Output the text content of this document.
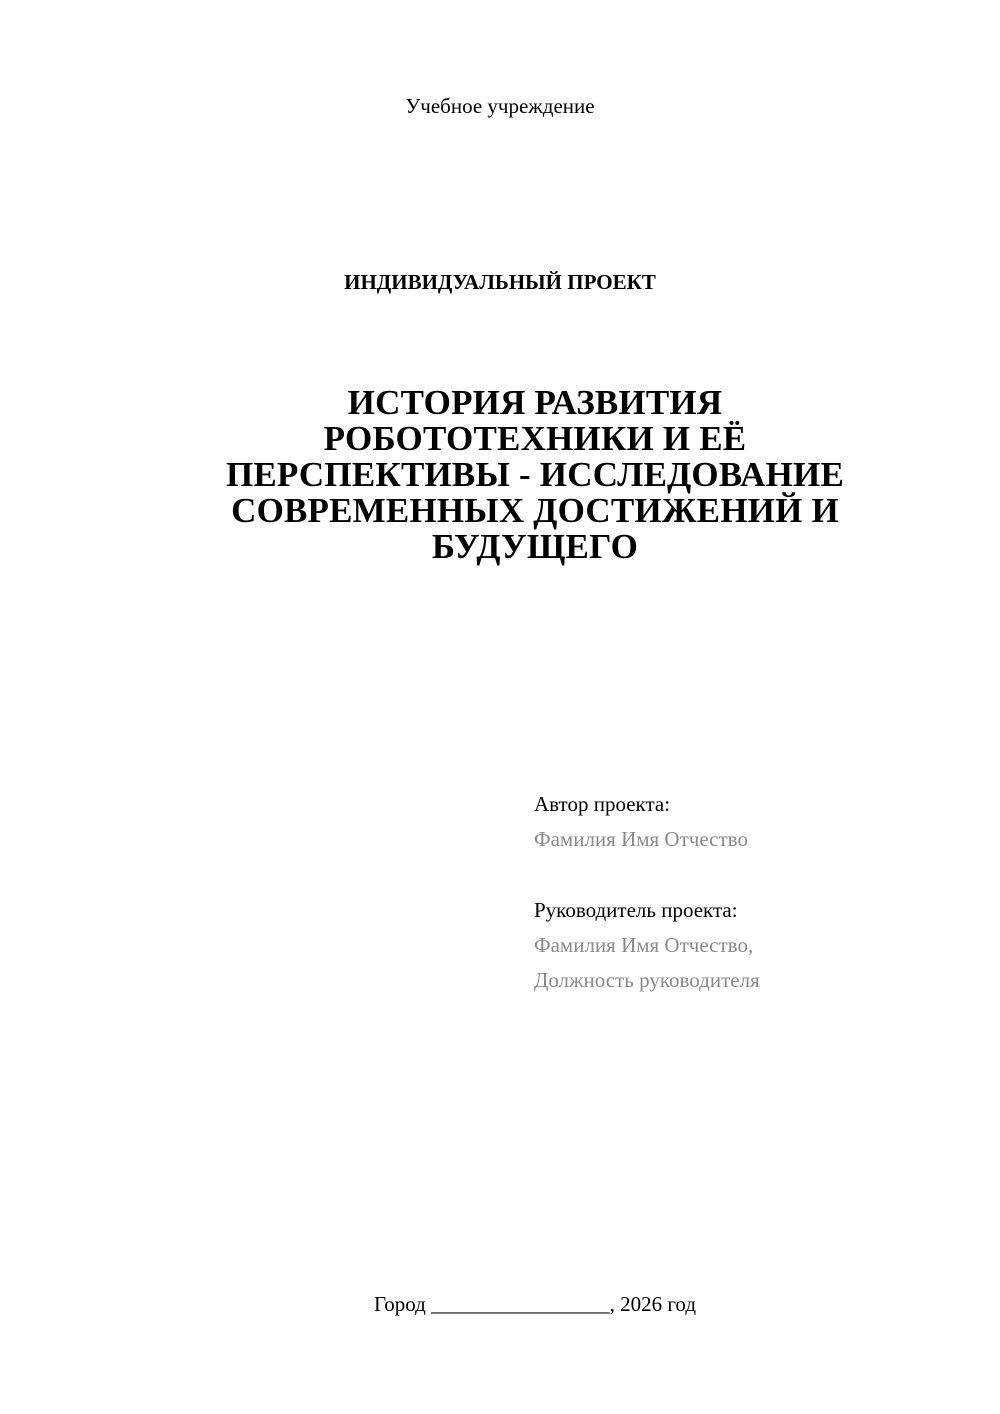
Учебное учреждение
ИНДИВИДУАЛЬНЫЙ ПРОЕКТ
ИСТОРИЯ РАЗВИТИЯ
РОБОТОТЕХНИКИ И ЕЁ
ПЕРСПЕКТИВЫ - ИССЛЕДОВАНИЕ
СОВРЕМЕННЫХ ДОСТИЖЕНИЙ И
БУДУЩЕГО
Автор проекта:
Фамилия Имя Отчество
Руководитель проекта:
Фамилия Имя Отчество,
Должность руководителя
Город _________________, 2026 год
